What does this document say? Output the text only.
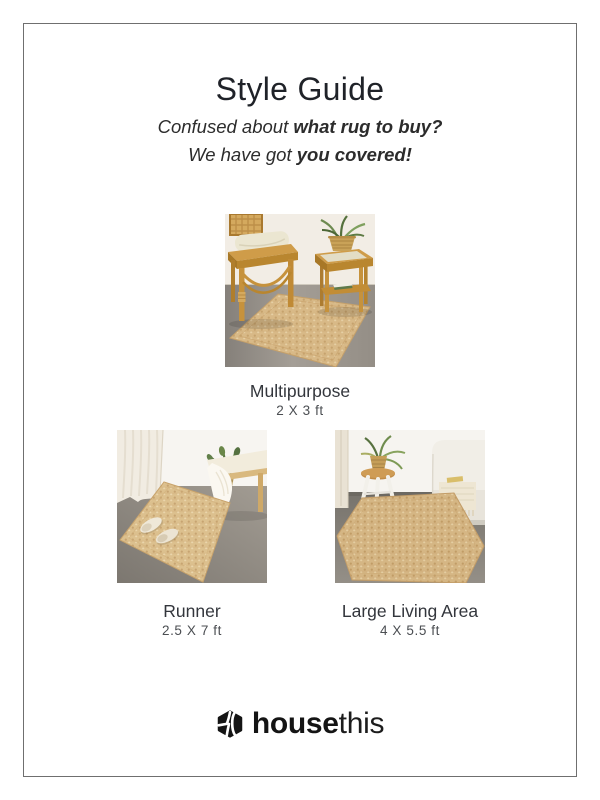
Style Guide
Confused about what rug to buy?
We have got you covered!
Multipurpose
2 X 3 ft
Runner
2.5 X 7 ft
Large Living Area
4 X 5.5 ft
housethis
